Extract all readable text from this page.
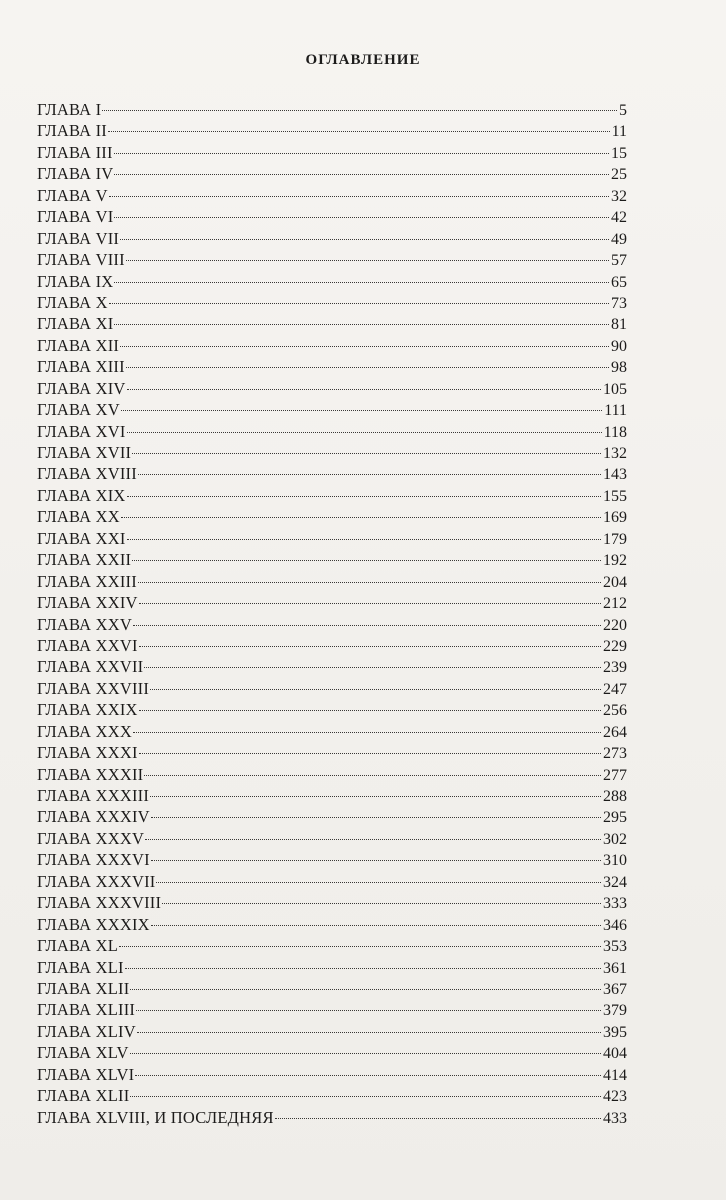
оглавление
ГЛАВА I	5
ГЛАВА II	11
ГЛАВА III	15
ГЛАВА IV	25
ГЛАВА V	32
ГЛАВА VI	42
ГЛАВА VII	49
ГЛАВА VIII	57
ГЛАВА IX	65
ГЛАВА X	73
ГЛАВА XI	81
ГЛАВА XII	90
ГЛАВА XIII	98
ГЛАВА XIV	105
ГЛАВА XV	111
ГЛАВА XVI	118
ГЛАВА XVII	132
ГЛАВА XVIII	143
ГЛАВА XIX	155
ГЛАВА XX	169
ГЛАВА XXI	179
ГЛАВА XXII	192
ГЛАВА XXIII	204
ГЛАВА XXIV	212
ГЛАВА XXV	220
ГЛАВА XXVI	229
ГЛАВА XXVII	239
ГЛАВА XXVIII	247
ГЛАВА XXIX	256
ГЛАВА XXX	264
ГЛАВА XXXI	273
ГЛАВА XXXII	277
ГЛАВА XXXIII	288
ГЛАВА XXXIV	295
ГЛАВА XXXV	302
ГЛАВА XXXVI	310
ГЛАВА XXXVII	324
ГЛАВА XXXVIII	333
ГЛАВА XXXIX	346
ГЛАВА XL	353
ГЛАВА XLI	361
ГЛАВА XLII	367
ГЛАВА XLIII	379
ГЛАВА XLIV	395
ГЛАВА XLV	404
ГЛАВА XLVI	414
ГЛАВА XLII	423
ГЛАВА XLVIII, И ПОСЛЕДНЯЯ	433
